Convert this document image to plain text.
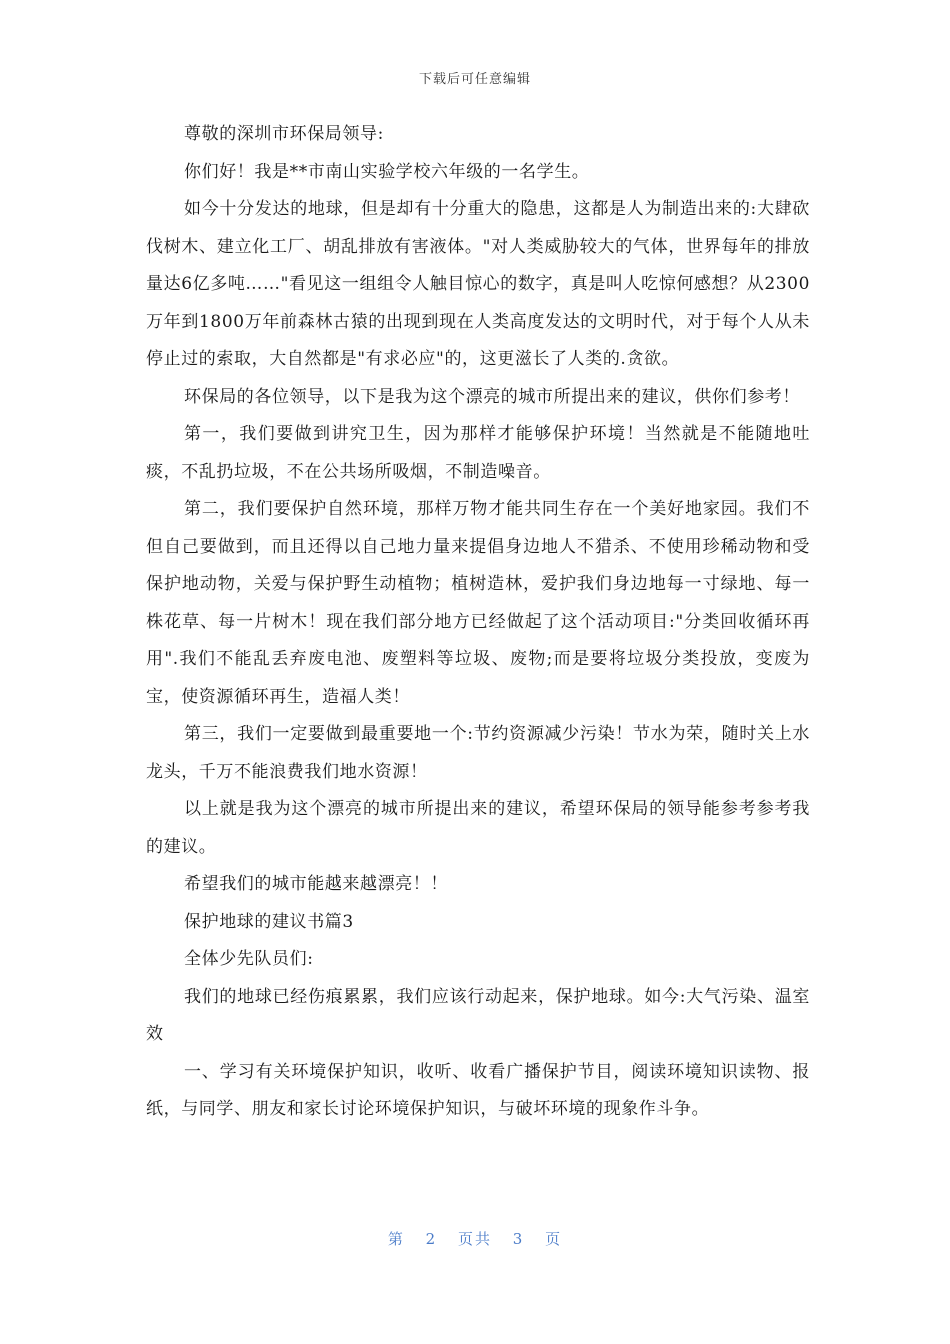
下载后可任意编辑

尊敬的深圳市环保局领导:

你们好！我是**市南山实验学校六年级的一名学生。

如今十分发达的地球，但是却有十分重大的隐患，这都是人为制造出来的:大肆砍伐树木、建立化工厂、胡乱排放有害液体。"对人类威胁较大的气体，世界每年的排放量达6亿多吨……"看见这一组组令人触目惊心的数字，真是叫人吃惊何感想？从2300万年到1800万年前森林古猿的出现到现在人类高度发达的文明时代，对于每个人从未停止过的索取，大自然都是"有求必应"的，这更滋长了人类的.贪欲。

环保局的各位领导，以下是我为这个漂亮的城市所提出来的建议，供你们参考！

第一，我们要做到讲究卫生，因为那样才能够保护环境！当然就是不能随地吐痰，不乱扔垃圾，不在公共场所吸烟，不制造噪音。

第二，我们要保护自然环境，那样万物才能共同生存在一个美好地家园。我们不但自己要做到，而且还得以自己地力量来提倡身边地人不猎杀、不使用珍稀动物和受保护地动物，关爱与保护野生动植物；植树造林，爱护我们身边地每一寸绿地、每一株花草、每一片树木！现在我们部分地方已经做起了这个活动项目:"分类回收循环再用".我们不能乱丢弃废电池、废塑料等垃圾、废物;而是要将垃圾分类投放，变废为宝，使资源循环再生，造福人类！

第三，我们一定要做到最重要地一个:节约资源减少污染！节水为荣，随时关上水龙头，千万不能浪费我们地水资源！

以上就是我为这个漂亮的城市所提出来的建议，希望环保局的领导能参考参考我的建议。

希望我们的城市能越来越漂亮！！

保护地球的建议书篇3

全体少先队员们:

我们的地球已经伤痕累累，我们应该行动起来，保护地球。如今:大气污染、温室效

一、学习有关环境保护知识，收听、收看广播保护节目，阅读环境知识读物、报纸，与同学、朋友和家长讨论环境保护知识，与破坏环境的现象作斗争。

第 2 页共 3 页
